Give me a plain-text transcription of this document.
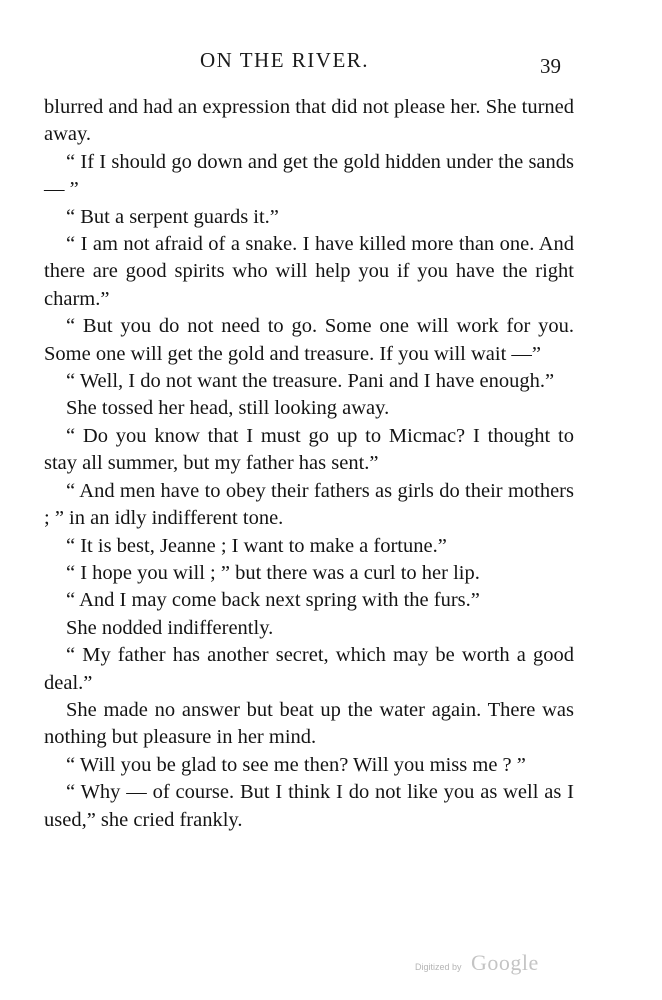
ON THE RIVER.	39

blurred and had an expression that did not please her. She turned away.

“ If I should go down and get the gold hidden under the sands — ”

“ But a serpent guards it.”

“ I am not afraid of a snake. I have killed more than one. And there are good spirits who will help you if you have the right charm.”

“ But you do not need to go. Some one will work for you. Some one will get the gold and treasure. If you will wait —”

“ Well, I do not want the treasure. Pani and I have enough.”

She tossed her head, still looking away.

“ Do you know that I must go up to Micmac? I thought to stay all summer, but my father has sent.”

“ And men have to obey their fathers as girls do their mothers ; ” in an idly indifferent tone.

“ It is best, Jeanne ; I want to make a fortune.”

“ I hope you will ; ” but there was a curl to her lip.

“ And I may come back next spring with the furs.”

She nodded indifferently.

“ My father has another secret, which may be worth a good deal.”

She made no answer but beat up the water again. There was nothing but pleasure in her mind.

“ Will you be glad to see me then? Will you miss me ? ”

“ Why — of course. But I think I do not like you as well as I used,” she cried frankly.

Digitized by Google
